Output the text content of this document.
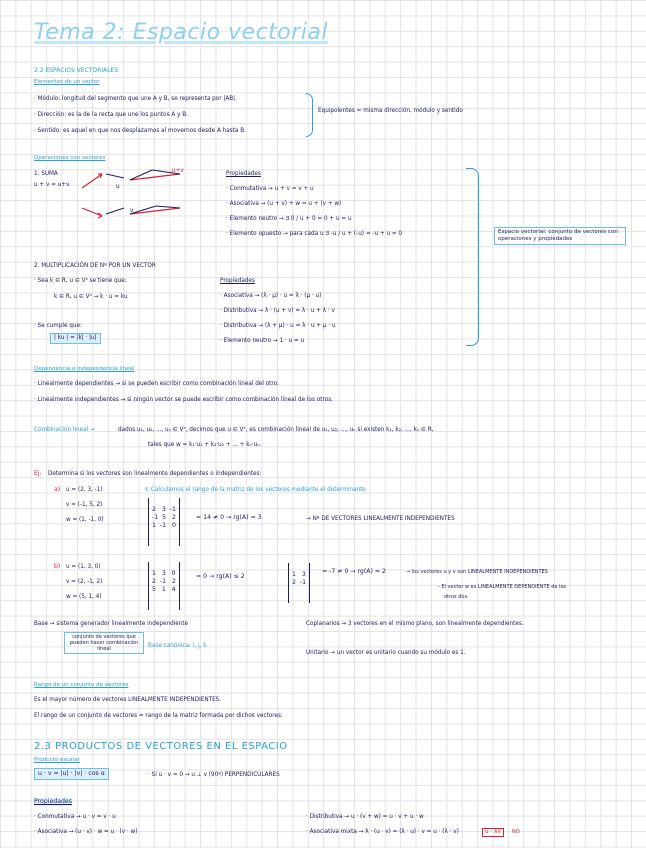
Tema 2: Espacio vectorial
2.2 ESPACIOS VECTORIALES
Elementos de un vector
· Módulo: longitud del segmento que une A y B, se representa por |AB|.
· Dirección: es la de la recta que une los puntos A y B.
· Sentido: es aquel en que nos desplazamos al movernos desde A hasta B.
Equipolentes = misma dirección, módulo y sentido
Operaciones con vectores
1. SUMA
u + v = u+v
u+v
u
v
Propiedades
· Conmutativa → u + v = v + u
· Asociativa → (u + v) + w = u + (v + w)
· Elemento neutro → ∃ 0 / u + 0 = 0 + u = u
· Elemento opuesto → para cada u ∃ -u / u + (-u) = -u + u = 0	Espacio vectorial: conjunto de vectores con operaciones y propiedades
2. MULTIPLICACIÓN DE Nº POR UN VECTOR
· Sea k ∈ R, u ∈ V³ se tiene que:
k ∈ R, u ∈ V³ → k · u = ku
· Se cumple que:
| ku | = |k| · |u|
Propiedades
· Asociativa → (λ · μ) · u = λ · (μ · u)
· Distributiva → λ · (u + v) = λ · u + λ · v
· Distributiva → (λ + μ) · u = λ · u + μ · u
· Elemento neutro → 1 · u = u
Dependencia e independencia lineal
· Linealmente dependientes → si se pueden escribir como combinación lineal del otro.
· Linealmente independientes → si ningún vector se puede escribir como combinación lineal de los otros.
Combinación lineal →	dados u₁, u₂, ..., uₙ ∈ V³, decimos que u ∈ V³, es combinación lineal de u₁, u₂, ..., uₙ si existen k₁, k₂, ..., kₙ ∈ R,
tales que w = k₁·u₁ + k₂·u₂ + ... + kₙ·uₙ.
Ej: Determina si los vectores son linealmente dependientes o independientes:
a) u = (2, 3, -1)
v = (-1, 5, 2)
w = (1, -1, 0)
① Calculamos el rango de la matriz de los vectores mediante el determinante

2   3  -1
-1  5   2
1  -1   0

= 14 ≠ 0 → rg(A) = 3	→ Nº DE VECTORES LINEALMENTE INDEPENDIENTES
b) u = (1, 3, 0)
v = (2, -1, 2)
w = (5, 1, 4)

1   3   0
2  -1   2
5   1   4

= 0 → rg(A) ≤ 2	1   3
2  -1

= -7 ≠ 0 → rg(A) = 2	→ los vectores u y v son LINEALMENTE INDEPENDIENTES
- El vector w es LINEALMENTE DEPENDIENTE de los
otros dos.
Base → sistema generador linealmente independiente
conjunto de vectores que pueden hacer combinación lineal	Base canónica: i, j, k
Coplanarios → 3 vectores en el mismo plano, son linealmente dependientes.
Unitario → un vector es unitario cuando su módulo es 1.
Rango de un conjunto de vectores
Es el mayor número de vectores LINEALMENTE INDEPENDIENTES.
El rango de un conjunto de vectores = rango de la matriz formada por dichos vectores.
2.3 PRODUCTOS DE VECTORES EN EL ESPACIO
Producto escalar
u · v = |u| · |v| · cos α	· Si u · v = 0 → u ⊥ v (90º) PERPENDICULARES
Propiedades
· Conmutativa → u · v = v · u
· Asociativa → (u · v) · w = u · (v · w)
· Distributiva → u · (v + w) = u · v + u · w
· Asociativa mixta → λ · (u · v) = (λ · u) · v = u · (λ · v)	u · λv	NO
